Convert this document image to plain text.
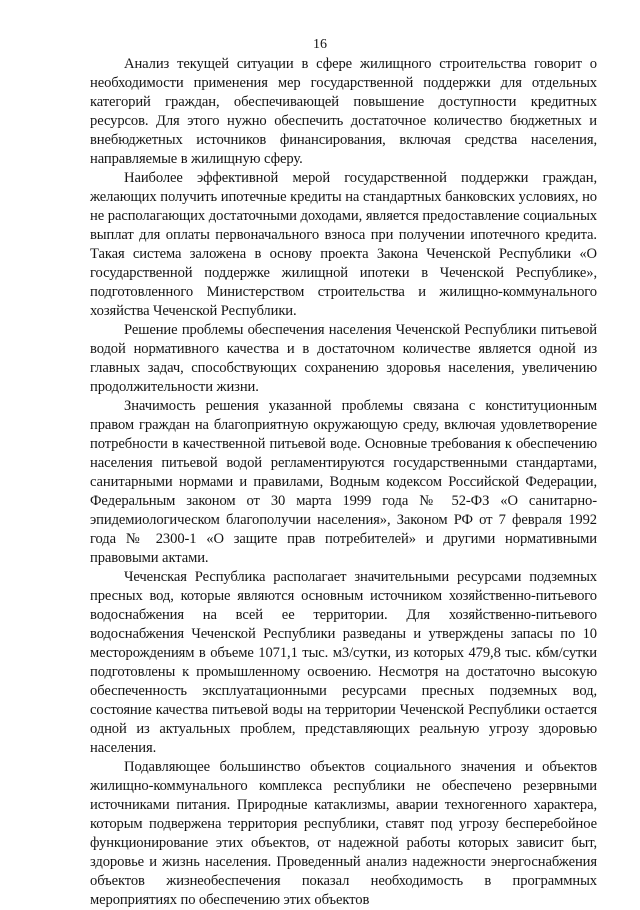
16

Анализ текущей ситуации в сфере жилищного строительства говорит о необходимости применения мер государственной поддержки для отдельных категорий граждан, обеспечивающей повышение доступности кредитных ресурсов. Для этого нужно обеспечить достаточное количество бюджетных и внебюджетных источников финансирования, включая средства населения, направляемые в жилищную сферу.

Наиболее эффективной мерой государственной поддержки граждан, желающих получить ипотечные кредиты на стандартных банковских условиях, но не располагающих достаточными доходами, является предоставление социальных выплат для оплаты первоначального взноса при получении ипотечного кредита. Такая система заложена в основу проекта Закона Чеченской Республики «О государственной поддержке жилищной ипотеки в Чеченской Республике», подготовленного Министерством строительства и жилищно-коммунального хозяйства Чеченской Республики.

Решение проблемы обеспечения населения Чеченской Республики питьевой водой нормативного качества и в достаточном количестве является одной из главных задач, способствующих сохранению здоровья населения, увеличению продолжительности жизни.

Значимость решения указанной проблемы связана с конституционным правом граждан на благоприятную окружающую среду, включая удовлетворение потребности в качественной питьевой воде. Основные требования к обеспечению населения питьевой водой регламентируются государственными стандартами, санитарными нормами и правилами, Водным кодексом Российской Федерации, Федеральным законом от 30 марта 1999 года № 52-ФЗ «О санитарно-эпидемиологическом благополучии населения», Законом РФ от 7 февраля 1992 года № 2300-1 «О защите прав потребителей» и другими нормативными правовыми актами.

Чеченская Республика располагает значительными ресурсами подземных пресных вод, которые являются основным источником хозяйственно-питьевого водоснабжения на всей ее территории. Для хозяйственно-питьевого водоснабжения Чеченской Республики разведаны и утверждены запасы по 10 месторождениям в объеме 1071,1 тыс. м3/сутки, из которых 479,8 тыс. кбм/сутки подготовлены к промышленному освоению. Несмотря на достаточно высокую обеспеченность эксплуатационными ресурсами пресных подземных вод, состояние качества питьевой воды на территории Чеченской Республики остается одной из актуальных проблем, представляющих реальную угрозу здоровью населения.

Подавляющее большинство объектов социального значения и объектов жилищно-коммунального комплекса республики не обеспечено резервными источниками питания. Природные катаклизмы, аварии техногенного характера, которым подвержена территория республики, ставят под угрозу бесперебойное функционирование этих объектов, от надежной работы которых зависит быт, здоровье и жизнь населения. Проведенный анализ надежности энергоснабжения объектов жизнеобеспечения показал необходимость в программных мероприятиях по обеспечению этих объектов
